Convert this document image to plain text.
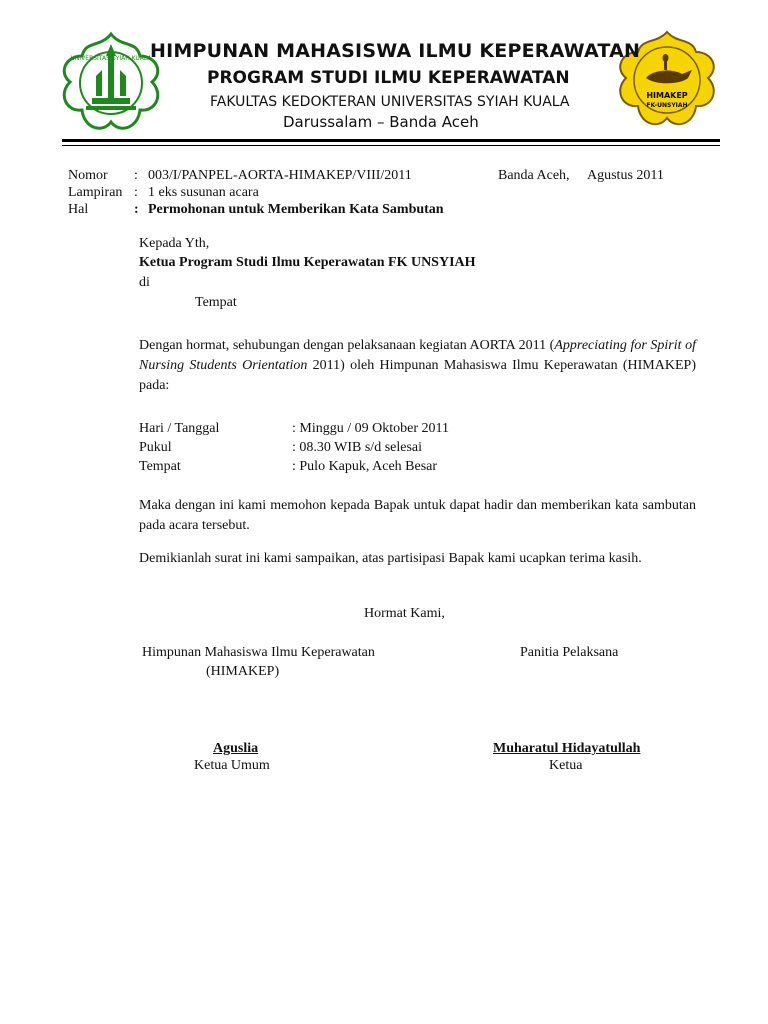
UNIVERSITAS SYIAH KUALA
HIMAKEP
FK-UNSYIAH
HIMPUNAN MAHASISWA ILMU KEPERAWATAN
PROGRAM STUDI ILMU KEPERAWATAN
FAKULTAS KEDOKTERAN UNIVERSITAS SYIAH KUALA
Darussalam – Banda Aceh
Nomor : 003/I/PANPEL-AORTA-HIMAKEP/VIII/2011	Banda Aceh, Agustus 2011
Lampiran : 1 eks susunan acara
Hal	: Permohonan untuk Memberikan Kata Sambutan
Kepada Yth,
Ketua Program Studi Ilmu Keperawatan FK UNSYIAH
di
Tempat
Dengan hormat, sehubungan dengan pelaksanaan kegiatan AORTA 2011 (Appreciating for Spirit of Nursing Students Orientation 2011) oleh Himpunan Mahasiswa Ilmu Keperawatan (HIMAKEP) pada:
Hari / Tanggal	: Minggu / 09 Oktober 2011
Pukul	: 08.30 WIB s/d selesai
Tempat	: Pulo Kapuk, Aceh Besar
Maka dengan ini kami memohon kepada Bapak untuk dapat hadir dan memberikan kata sambutan pada acara tersebut.
Demikianlah surat ini kami sampaikan, atas partisipasi Bapak kami ucapkan terima kasih.
Hormat Kami,
Himpunan Mahasiswa Ilmu Keperawatan
(HIMAKEP)
Panitia Pelaksana
Aguslia
Ketua Umum
Muharatul Hidayatullah
Ketua
